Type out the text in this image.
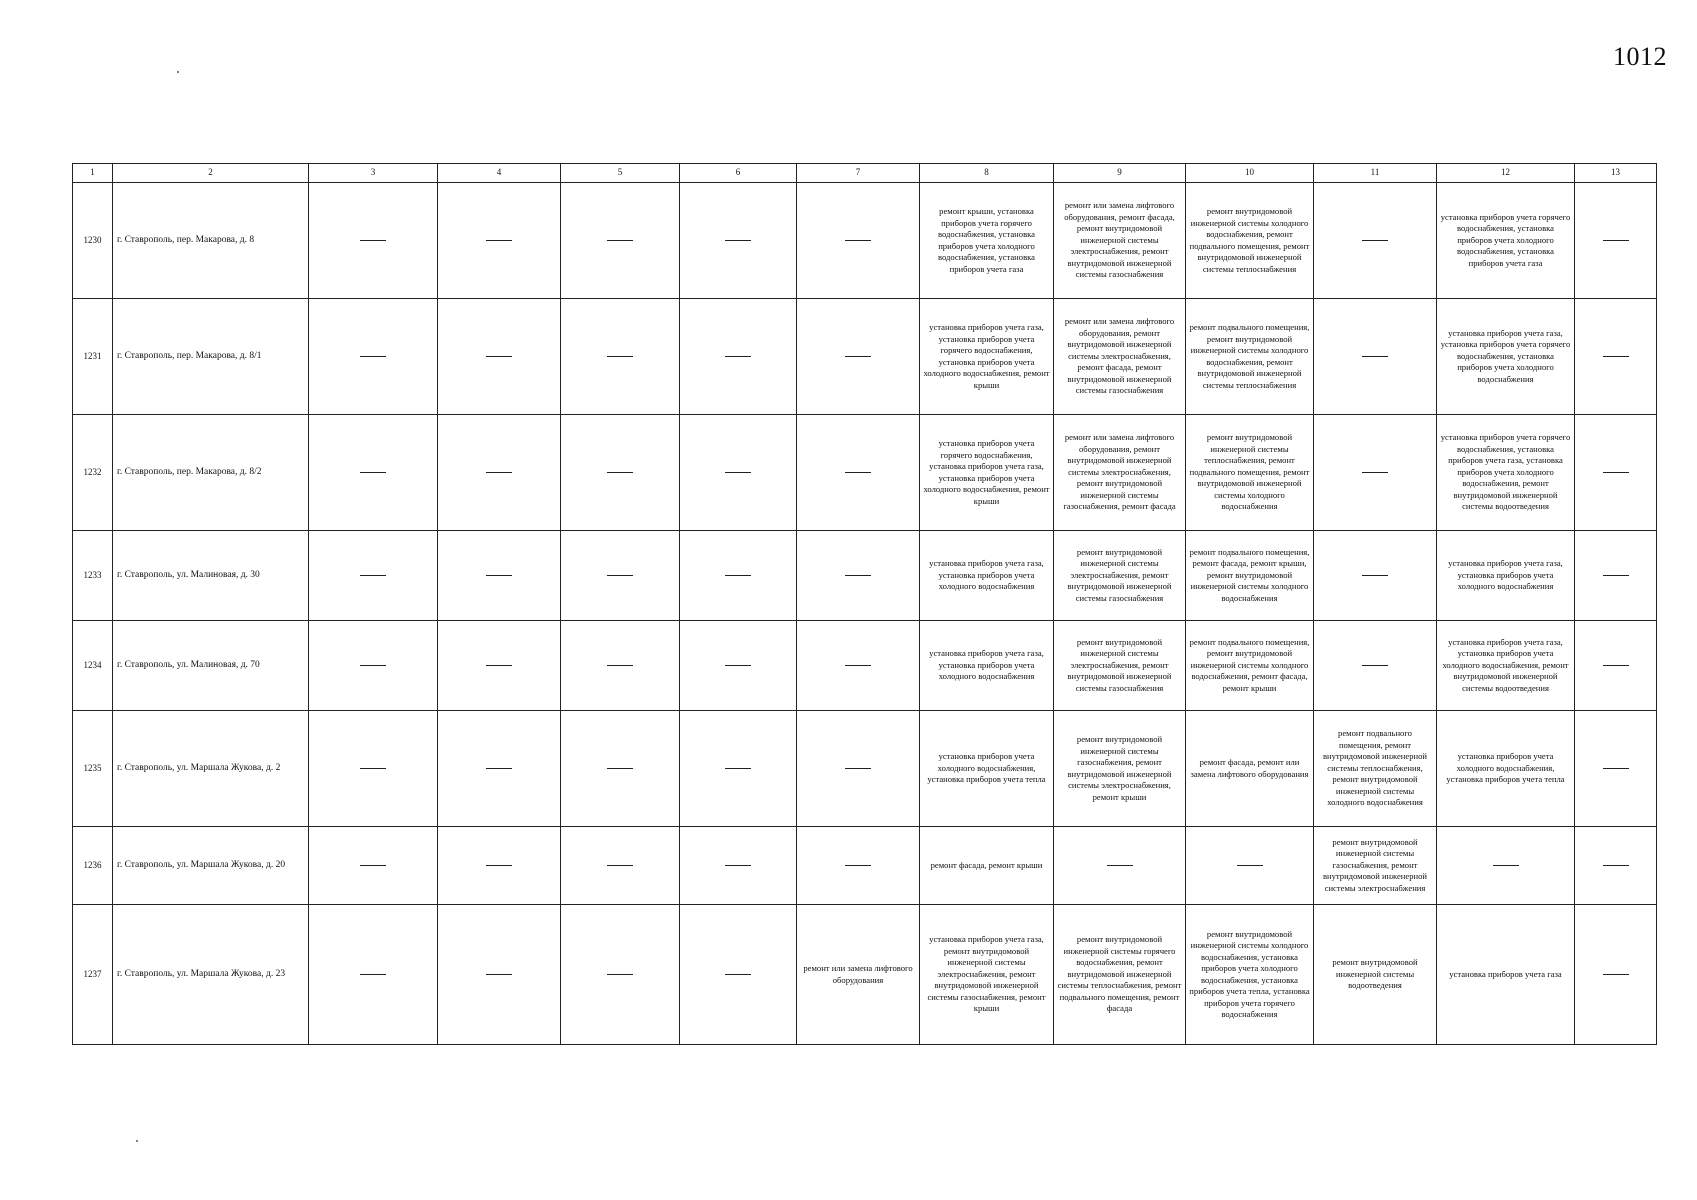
1012
1	2	3	4	5	6	7	8	9	10	11	12	13
1230	г. Ставрополь, пер. Макарова, д. 8						ремонт крыши, установка приборов учета горячего водоснабжения, установка приборов учета холодного водоснабжения, установка приборов учета газа	ремонт или замена лифтового оборудования, ремонт фасада, ремонт внутридомовой инженерной системы электроснабжения, ремонт внутридомовой инженерной системы газоснабжения	ремонт внутридомовой инженерной системы холодного водоснабжения, ремонт подвального помещения, ремонт внутридомовой инженерной системы теплоснабжения		установка приборов учета горячего водоснабжения, установка приборов учета холодного водоснабжения, установка приборов учета газа	
1231	г. Ставрополь, пер. Макарова, д. 8/1						установка приборов учета газа, установка приборов учета горячего водоснабжения, установка приборов учета холодного водоснабжения, ремонт крыши	ремонт или замена лифтового оборудования, ремонт внутридомовой инженерной системы электроснабжения, ремонт фасада, ремонт внутридомовой инженерной системы газоснабжения	ремонт подвального помещения, ремонт внутридомовой инженерной системы холодного водоснабжения, ремонт внутридомовой инженерной системы теплоснабжения		установка приборов учета газа, установка приборов учета горячего водоснабжения, установка приборов учета холодного водоснабжения	
1232	г. Ставрополь, пер. Макарова, д. 8/2						установка приборов учета горячего водоснабжения, установка приборов учета газа, установка приборов учета холодного водоснабжения, ремонт крыши	ремонт или замена лифтового оборудования, ремонт внутридомовой инженерной системы электроснабжения, ремонт внутридомовой инженерной системы газоснабжения, ремонт фасада	ремонт внутридомовой инженерной системы теплоснабжения, ремонт подвального помещения, ремонт внутридомовой инженерной системы холодного водоснабжения		установка приборов учета горячего водоснабжения, установка приборов учета газа, установка приборов учета холодного водоснабжения, ремонт внутридомовой инженерной системы водоотведения	
1233	г. Ставрополь, ул. Малиновая, д. 30						установка приборов учета газа, установка приборов учета холодного водоснабжения	ремонт внутридомовой инженерной системы электроснабжения, ремонт внутридомовой инженерной системы газоснабжения	ремонт подвального помещения, ремонт фасада, ремонт крыши, ремонт внутридомовой инженерной системы холодного водоснабжения		установка приборов учета газа, установка приборов учета холодного водоснабжения	
1234	г. Ставрополь, ул. Малиновая, д. 70						установка приборов учета газа, установка приборов учета холодного водоснабжения	ремонт внутридомовой инженерной системы электроснабжения, ремонт внутридомовой инженерной системы газоснабжения	ремонт подвального помещения, ремонт внутридомовой инженерной системы холодного водоснабжения, ремонт фасада, ремонт крыши		установка приборов учета газа, установка приборов учета холодного водоснабжения, ремонт внутридомовой инженерной системы водоотведения	
1235	г. Ставрополь, ул. Маршала Жукова, д. 2						установка приборов учета холодного водоснабжения, установка приборов учета тепла	ремонт внутридомовой инженерной системы газоснабжения, ремонт внутридомовой инженерной системы электроснабжения, ремонт крыши	ремонт фасада, ремонт или замена лифтового оборудования	ремонт подвального помещения, ремонт внутридомовой инженерной системы теплоснабжения, ремонт внутридомовой инженерной системы холодного водоснабжения	установка приборов учета холодного водоснабжения, установка приборов учета тепла	
1236	г. Ставрополь, ул. Маршала Жукова, д. 20						ремонт фасада, ремонт крыши			ремонт внутридомовой инженерной системы газоснабжения, ремонт внутридомовой инженерной системы электроснабжения		
1237	г. Ставрополь, ул. Маршала Жукова, д. 23					ремонт или замена лифтового оборудования	установка приборов учета газа, ремонт внутридомовой инженерной системы электроснабжения, ремонт внутридомовой инженерной системы газоснабжения, ремонт крыши	ремонт внутридомовой инженерной системы горячего водоснабжения, ремонт внутридомовой инженерной системы теплоснабжения, ремонт подвального помещения, ремонт фасада	ремонт внутридомовой инженерной системы холодного водоснабжения, установка приборов учета холодного водоснабжения, установка приборов учета тепла, установка приборов учета горячего водоснабжения	ремонт внутридомовой инженерной системы водоотведения	установка приборов учета газа	
